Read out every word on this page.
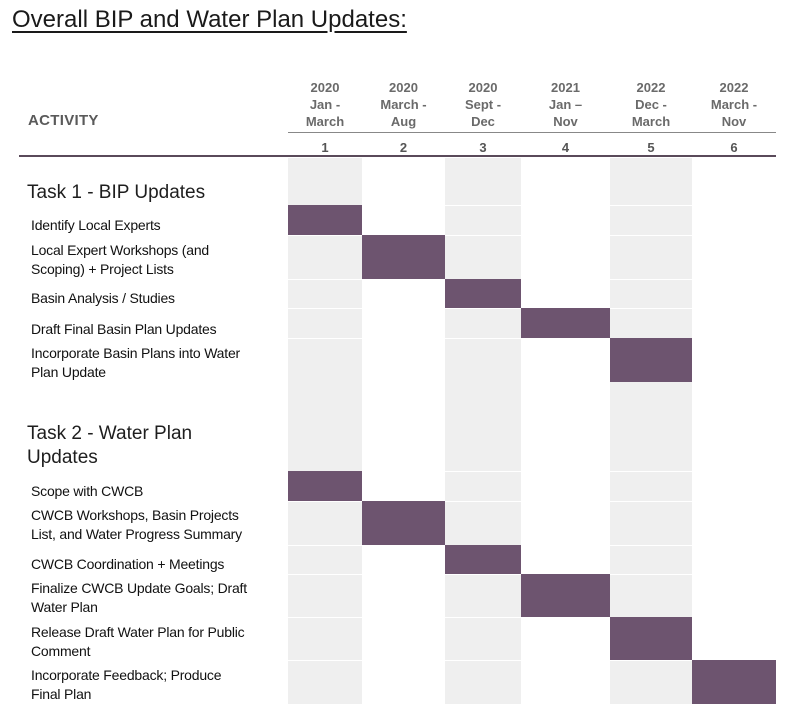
Overall BIP and Water Plan Updates:
ACTIVITY
2020
Jan -
March
1
2020
March -
Aug
2
2020
Sept -
Dec
3
2021
Jan –
Nov
4
2022
Dec -
March
5
2022
March -
Nov
6
Task 1 - BIP Updates
Identify Local Experts
Local Expert Workshops (and
Scoping) + Project Lists
Basin Analysis / Studies
Draft Final Basin Plan Updates
Incorporate Basin Plans into Water
Plan Update
Task 2 - Water Plan
Updates
Scope with CWCB
CWCB Workshops, Basin Projects
List, and Water Progress Summary
CWCB Coordination + Meetings
Finalize CWCB Update Goals; Draft
Water Plan
Release Draft Water Plan for Public
Comment
Incorporate Feedback; Produce
Final Plan
